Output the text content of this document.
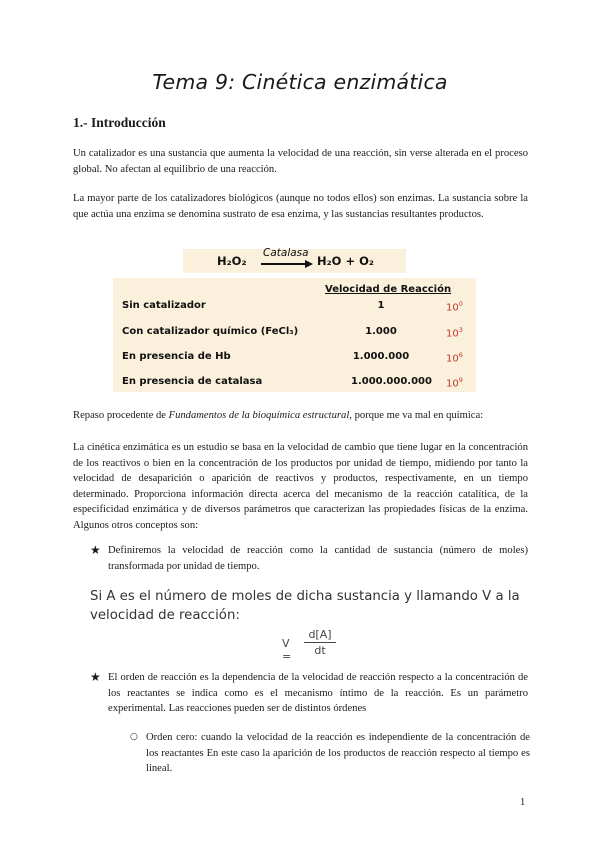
Tema 9: Cinética enzimática
1.- Introducción

Un catalizador es una sustancia que aumenta la velocidad de una reacción, sin verse alterada en el proceso global. No afectan al equilibrio de una reacción.

La mayor parte de los catalizadores biológicos (aunque no todos ellos) son enzimas. La sustancia sobre la que actúa una enzima se denomina sustrato de esa enzima, y las sustancias resultantes productos.

H₂O₂
Catalasa
H₂O + O₂
Velocidad de Reacción
Sin catalizador	1	$10^0$
Con catalizador químico (FeCl₃)	1.000	$10^3$
En presencia de Hb	1.000.000	$10^6$
En presencia de catalasa	1.000.000.000 $10^9$

Repaso procedente de Fundamentos de la bioquímica estructural, porque me va mal en química:

La cinética enzimática es un estudio se basa en la velocidad de cambio que tiene lugar en la concentración de los reactivos o bien en la concentración de los productos por unidad de tiempo, midiendo por tanto la velocidad de desaparición o aparición de reactivos y productos, respectivamente, en un tiempo determinado. Proporciona información directa acerca del mecanismo de la reacción catalítica, de la especificidad enzimática y de diversos parámetros que caracterizan las propiedades físicas de la enzima. Algunos otros conceptos son:

★ Definiremos la velocidad de reacción como la cantidad de sustancia (número de moles) transformada por unidad de tiempo.

Si A es el número de moles de dicha sustancia y llamando V a la velocidad de reacción:

V =
d[A]
dt
★ El orden de reacción es la dependencia de la velocidad de reacción respecto a la concentración de los reactantes se indica como es el mecanismo íntimo de la reacción. Es un parámetro experimental. Las reacciones pueden ser de distintos órdenes

○ Orden cero: cuando la velocidad de la reacción es independiente de la concentración de los reactantes En este caso la aparición de los productos de reacción respecto al tiempo es lineal.

1
